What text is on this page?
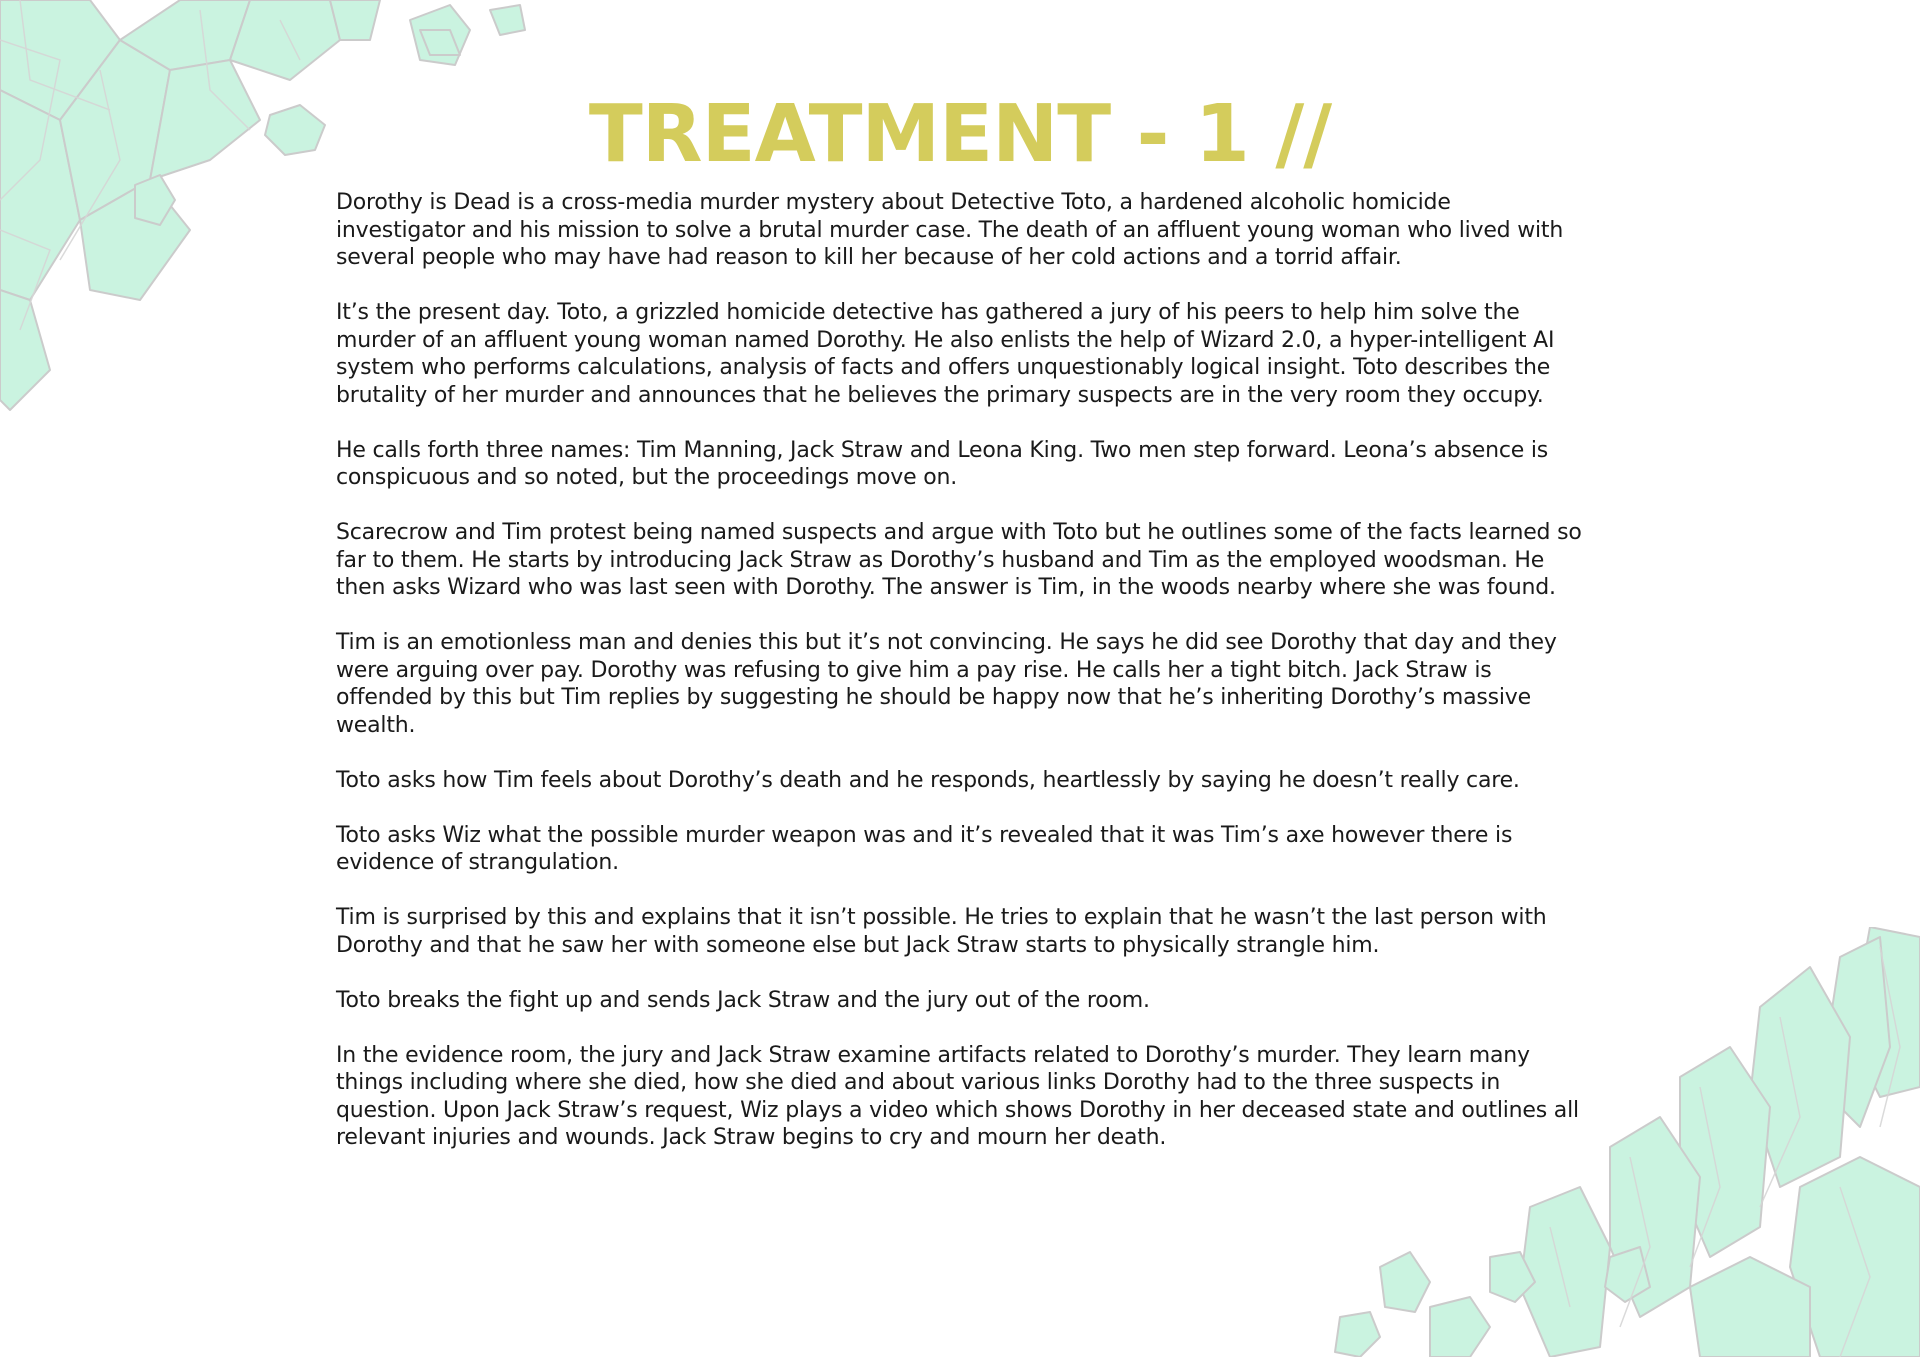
TREATMENT - 1 //

Dorothy is Dead is a cross-media murder mystery about Detective Toto, a hardened alcoholic homicide investigator and his mission to solve a brutal murder case. The death of an affluent young woman who lived with several people who may have had reason to kill her because of her cold actions and a torrid affair.

It’s the present day. Toto, a grizzled homicide detective has gathered a jury of his peers to help him solve the murder of an affluent young woman named Dorothy. He also enlists the help of Wizard 2.0, a hyper-intelligent AI system who performs calculations, analysis of facts and offers unquestionably logical insight. Toto describes the brutality of her murder and announces that he believes the primary suspects are in the very room they occupy.

He calls forth three names: Tim Manning, Jack Straw and Leona King. Two men step forward. Leona’s absence is conspicuous and so noted, but the proceedings move on.

Scarecrow and Tim protest being named suspects and argue with Toto but he outlines some of the facts learned so far to them. He starts by introducing Jack Straw as Dorothy’s husband and Tim as the employed woodsman. He then asks Wizard who was last seen with Dorothy. The answer is Tim, in the woods nearby where she was found.

Tim is an emotionless man and denies this but it’s not convincing. He says he did see Dorothy that day and they were arguing over pay. Dorothy was refusing to give him a pay rise. He calls her a tight bitch. Jack Straw is offended by this but Tim replies by suggesting he should be happy now that he’s inheriting Dorothy’s massive wealth.

Toto asks how Tim feels about Dorothy’s death and he responds, heartlessly by saying he doesn’t really care.

Toto asks Wiz what the possible murder weapon was and it’s revealed that it was Tim’s axe however there is evidence of strangulation.

Tim is surprised by this and explains that it isn’t possible. He tries to explain that he wasn’t the last person with Dorothy and that he saw her with someone else but Jack Straw starts to physically strangle him.

Toto breaks the fight up and sends Jack Straw and the jury out of the room.

In the evidence room, the jury and Jack Straw examine artifacts related to Dorothy’s murder. They learn many things including where she died, how she died and about various links Dorothy had to the three suspects in question. Upon Jack Straw’s request, Wiz plays a video which shows Dorothy in her deceased state and outlines all relevant injuries and wounds. Jack Straw begins to cry and mourn her death.
